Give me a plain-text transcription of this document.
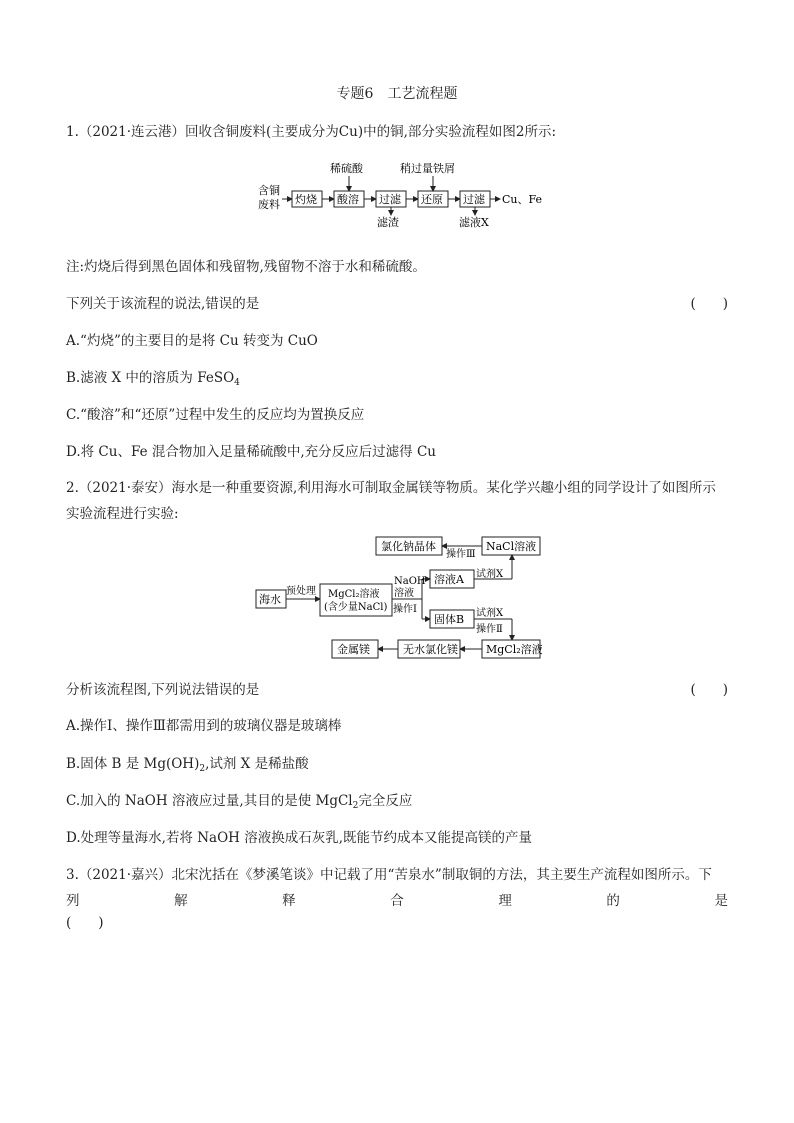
专题6　工艺流程题
1.（2021·连云港）回收含铜废料(主要成分为Cu)中的铜,部分实验流程如图2所示:
含铜
废料 灼烧 酸溶
稀硫酸
过滤
滤渣
还原
稍过量铁屑
过滤
滤液X
Cu、Fe
注:灼烧后得到黑色固体和残留物,残留物不溶于水和稀硫酸。
下列关于该流程的说法,错误的是	(　　)
A.“灼烧”的主要目的是将 Cu 转变为 CuO
B.滤液 X 中的溶质为 FeSO$_4$
C.“酸溶”和“还原”过程中发生的反应均为置换反应
D.将 Cu、Fe 混合物加入足量稀硫酸中,充分反应后过滤得 Cu
2.（2021·泰安）海水是一种重要资源,利用海水可制取金属镁等物质。某化学兴趣小组的同学设计了如图所示
实验流程进行实验:
氯化钠晶体	NaCl溶液
操作Ⅲ
溶液A 试剂X
海水
预处理 MgCl₂溶液
(含少量NaCl)
NaOH
溶液
操作Ⅰ
固体B 试剂X
操作Ⅱ
MgCl₂溶液
无水氯化镁
金属镁
分析该流程图,下列说法错误的是	(　　)
A.操作Ⅰ、操作Ⅲ都需用到的玻璃仪器是玻璃棒
B.固体 B 是 $Mg(OH)_2$,试剂 X 是稀盐酸
C.加入的 NaOH 溶液应过量,其目的是使 MgCl$_2$完全反应
D.处理等量海水,若将 NaOH 溶液换成石灰乳,既能节约成本又能提高镁的产量
3.（2021·嘉兴）北宋沈括在《梦溪笔谈》中记载了用“苦泉水”制取铜的方法，其主要生产流程如图所示。下
列	解	释	合	理	的	是
(　　)
